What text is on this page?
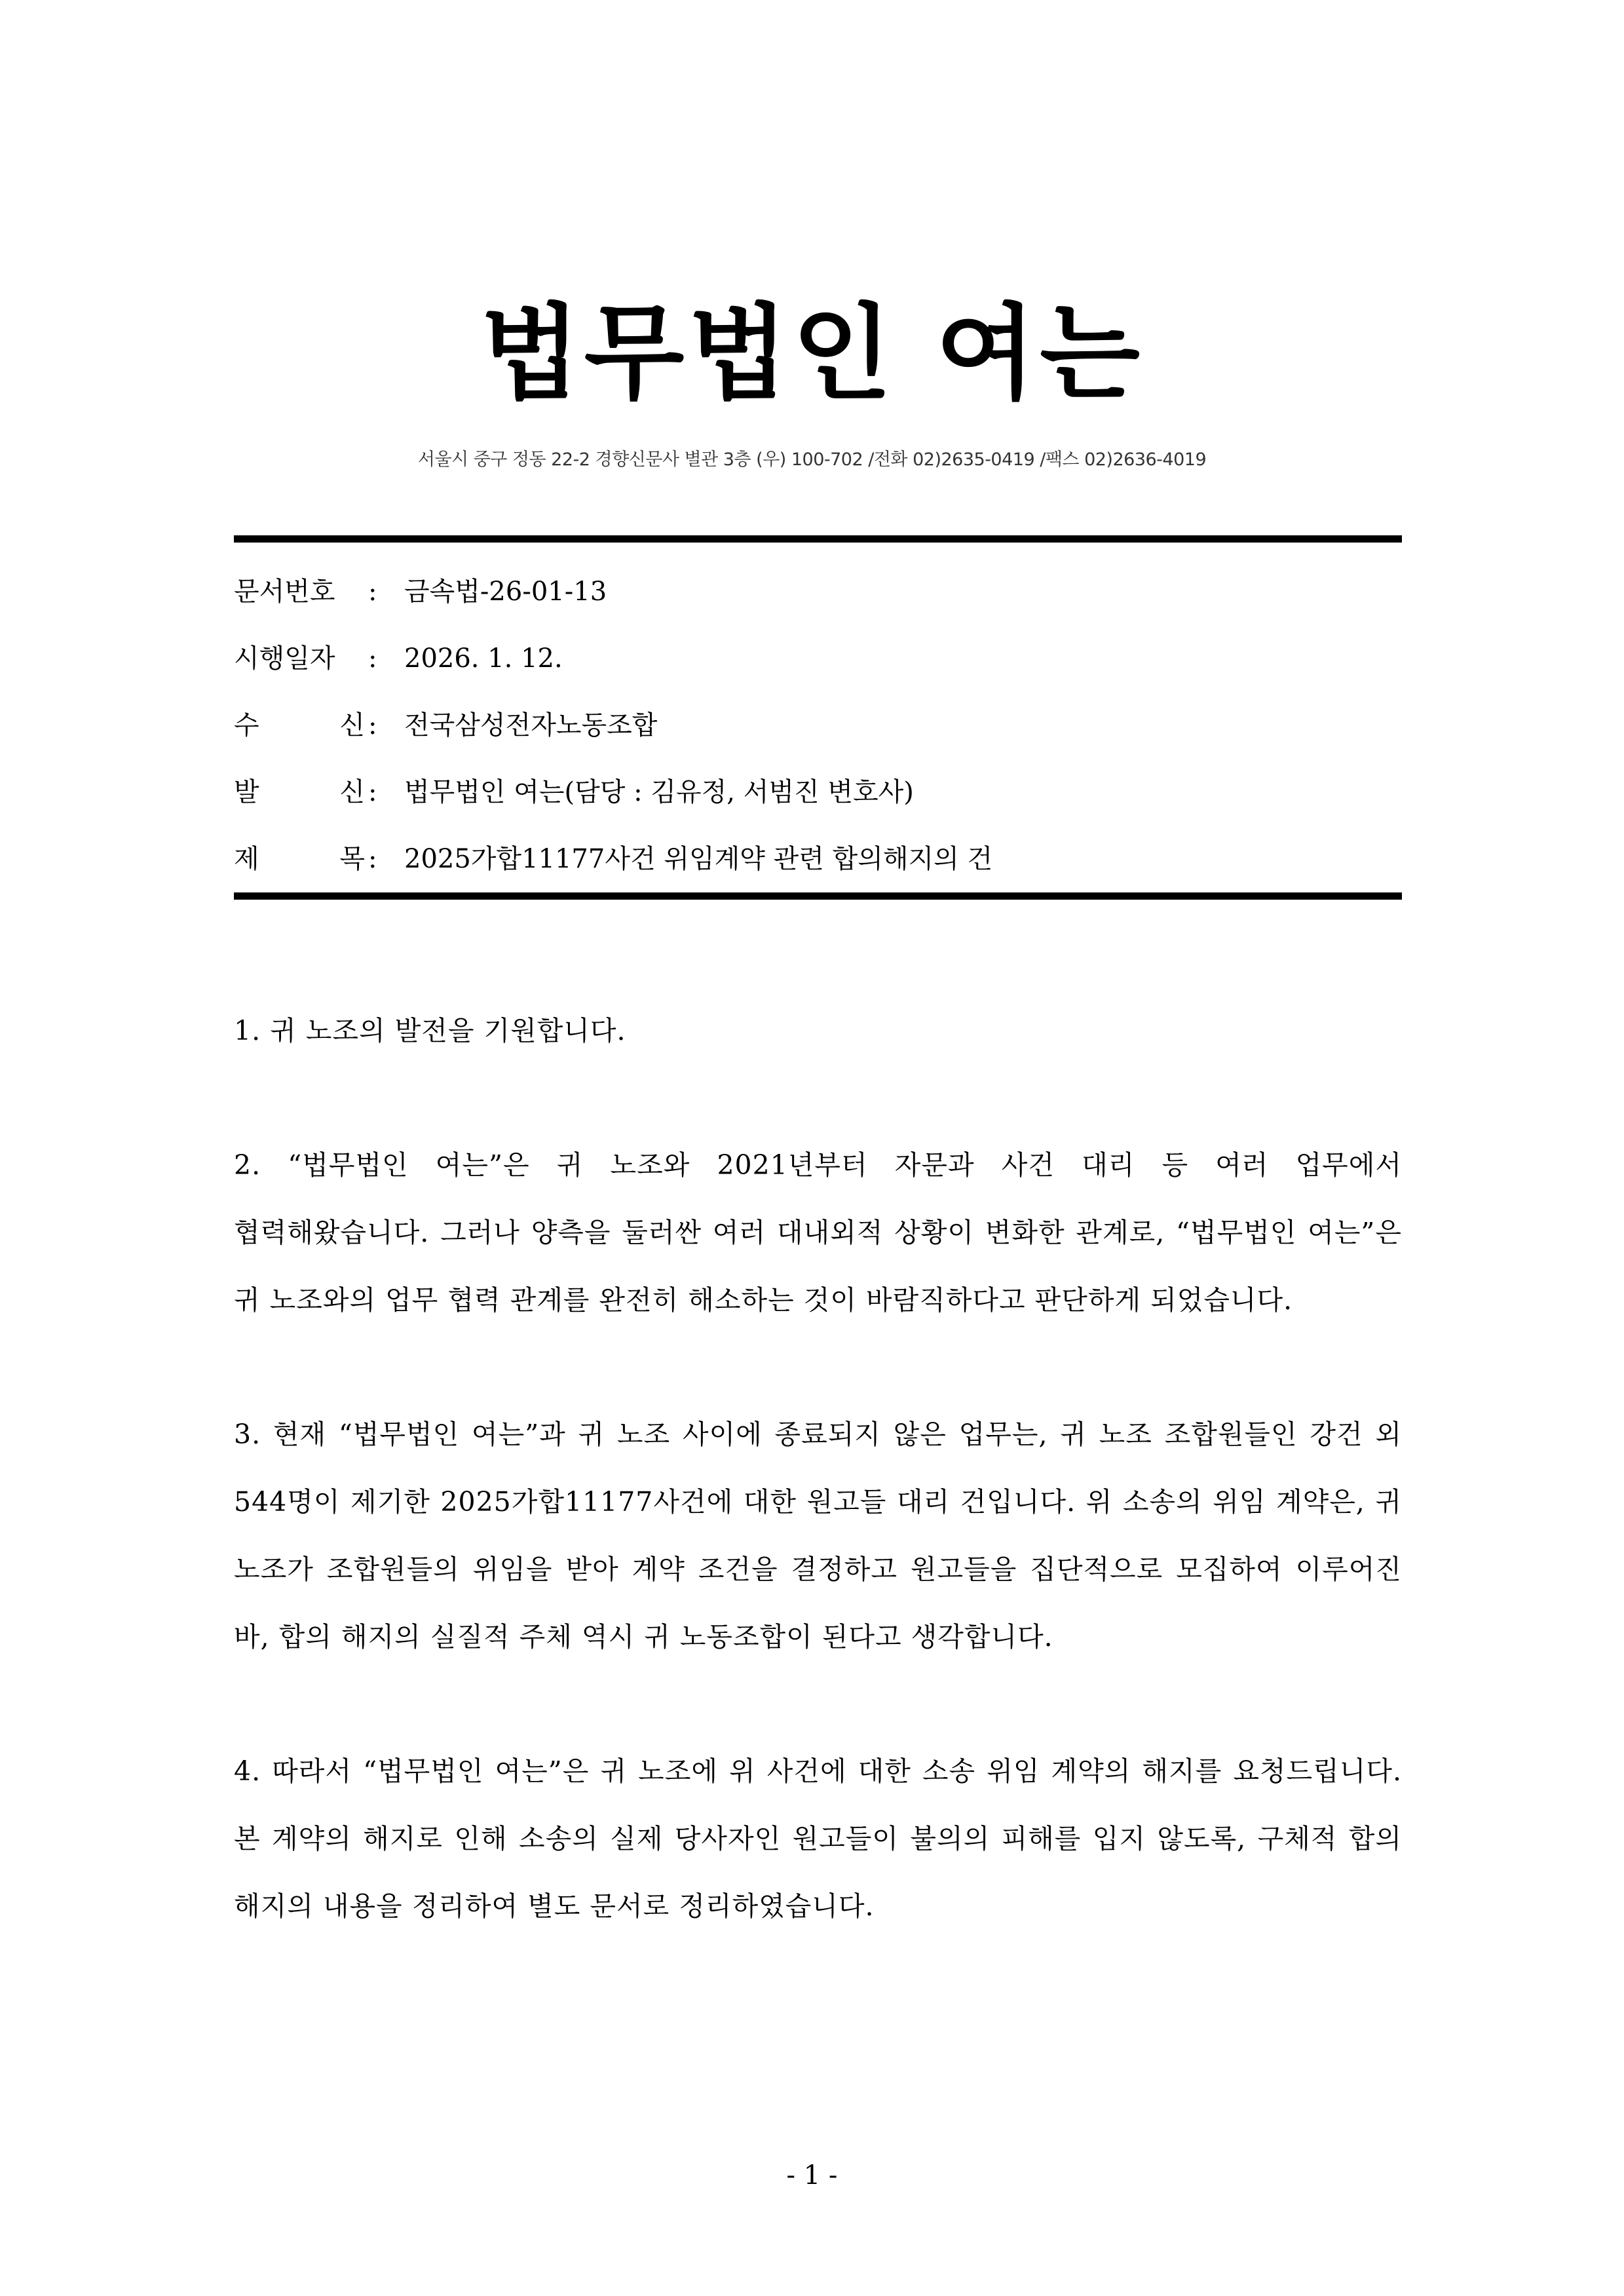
법무법인 여는
서울시 중구 정동 22-2 경향신문사 별관 3층 (우) 100-702 /전화 02)2635-0419 /팩스 02)2636-4019
문서번호	: 금속법-26-01-13
시행일자	: 2026. 1. 12.
수	신 : 전국삼성전자노동조합
발	신 : 법무법인 여는(담당 : 김유정, 서범진 변호사)
제	목 : 2025가합11177사건 위임계약 관련 합의해지의 건

1. 귀 노조의 발전을 기원합니다.

2. “법무법인 여는”은 귀 노조와 2021년부터 자문과 사건 대리 등 여러 업무에서 협력해왔습니다. 그러나 양측을 둘러싼 여러 대내외적 상황이 변화한 관계로, “법무법인 여는”은 귀 노조와의 업무 협력 관계를 완전히 해소하는 것이 바람직하다고 판단하게 되었습니다.

3. 현재 “법무법인 여는”과 귀 노조 사이에 종료되지 않은 업무는, 귀 노조 조합원들인 강건 외 544명이 제기한 2025가합11177사건에 대한 원고들 대리 건입니다. 위 소송의 위임 계약은, 귀 노조가 조합원들의 위임을 받아 계약 조건을 결정하고 원고들을 집단적으로 모집하여 이루어진 바, 합의 해지의 실질적 주체 역시 귀 노동조합이 된다고 생각합니다.

4. 따라서 “법무법인 여는”은 귀 노조에 위 사건에 대한 소송 위임 계약의 해지를 요청드립니다. 본 계약의 해지로 인해 소송의 실제 당사자인 원고들이 불의의 피해를 입지 않도록, 구체적 합의 해지의 내용을 정리하여 별도 문서로 정리하였습니다.

- 1 -
